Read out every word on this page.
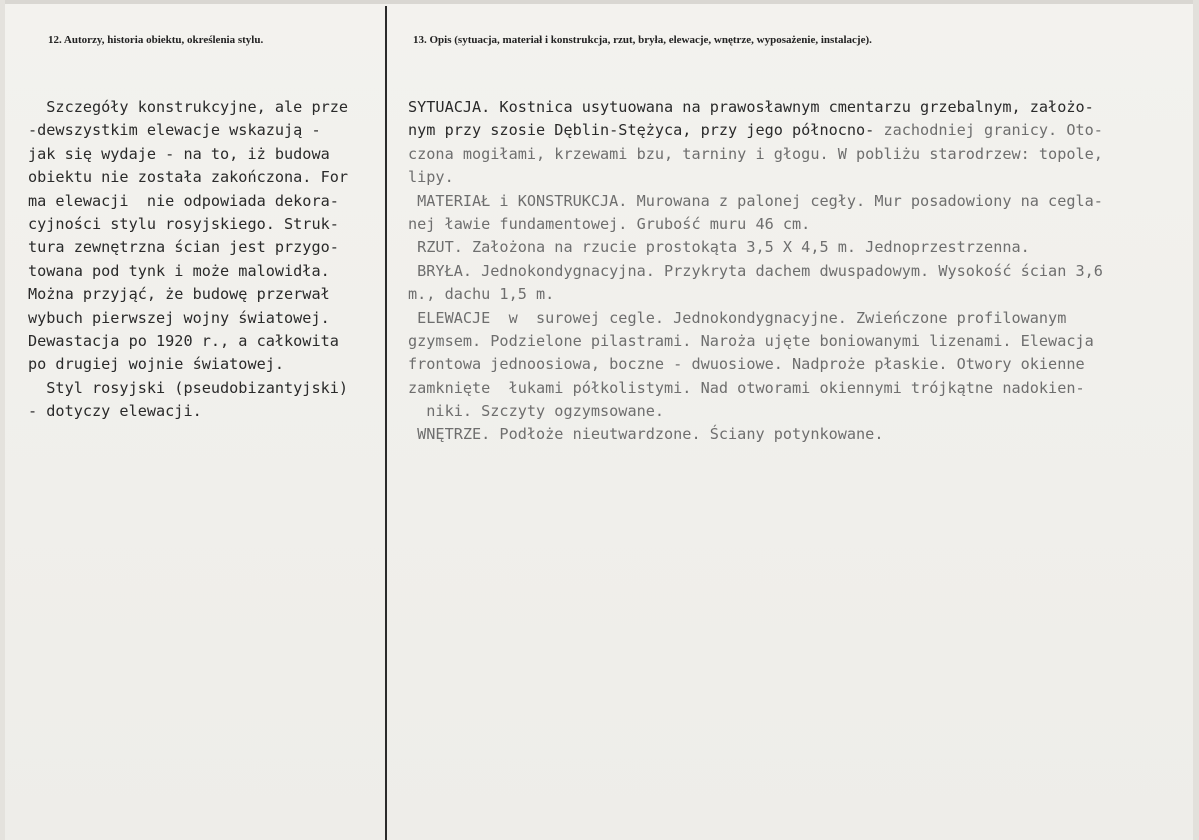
12. Autorzy, historia obiektu, określenia stylu.	13. Opis (sytuacja, materiał i konstrukcja, rzut, bryła, elewacje, wnętrze, wyposażenie, instalacje).
Szczegóły konstrukcyjne, ale prze
-dewszystkim elewacje wskazują -
jak się wydaje - na to, iż budowa
obiektu nie została zakończona. For
ma elewacji  nie odpowiada dekora-
cyjności stylu rosyjskiego. Struk-
tura zewnętrzna ścian jest przygo-
towana pod tynk i może malowidła.
Można przyjąć, że budowę przerwał
wybuch pierwszej wojny światowej.
Dewastacja po 1920 r., a całkowita
po drugiej wojnie światowej.
Styl rosyjski (pseudobizantyjski)
- dotyczy elewacji.
SYTUACJA. Kostnica usytuowana na prawosławnym cmentarzu grzebalnym, założo-
nym przy szosie Dęblin-Stężyca, przy jego północno- zachodniej granicy. Oto-
czona mogiłami, krzewami bzu, tarniny i głogu. W pobliżu starodrzew: topole,
lipy.
MATERIAŁ i KONSTRUKCJA. Murowana z palonej cegły. Mur posadowiony na cegla-
nej ławie fundamentowej. Grubość muru 46 cm.
RZUT. Założona na rzucie prostokąta 3,5 X 4,5 m. Jednoprzestrzenna.
BRYŁA. Jednokondygnacyjna. Przykryta dachem dwuspadowym. Wysokość ścian 3,6
m., dachu 1,5 m.
ELEWACJE  w  surowej cegle. Jednokondygnacyjne. Zwieńczone profilowanym
gzymsem. Podzielone pilastrami. Naroża ujęte boniowanymi lizenami. Elewacja
frontowa jednoosiowa, boczne - dwuosiowe. Nadproże płaskie. Otwory okienne
zamknięte  łukami półkolistymi. Nad otworami okiennymi trójkątne nadokien-
niki. Szczyty ogzymsowane.
WNĘTRZE. Podłoże nieutwardzone. Ściany potynkowane.
